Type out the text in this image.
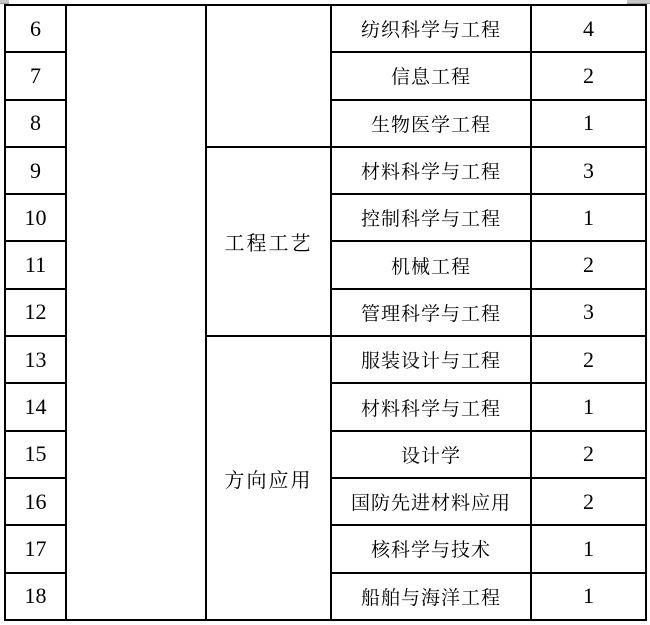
6			纺织科学与工程	4
7			信息工程	2
8			生物医学工程	1
9		工程工艺	材料科学与工程	3
10			控制科学与工程	1
11			机械工程	2
12			管理科学与工程	3
13		方向应用	服装设计与工程	2
14			材料科学与工程	1
15			设计学	2
16			国防先进材料应用	2
17			核科学与技术	1
18			船舶与海洋工程	1
